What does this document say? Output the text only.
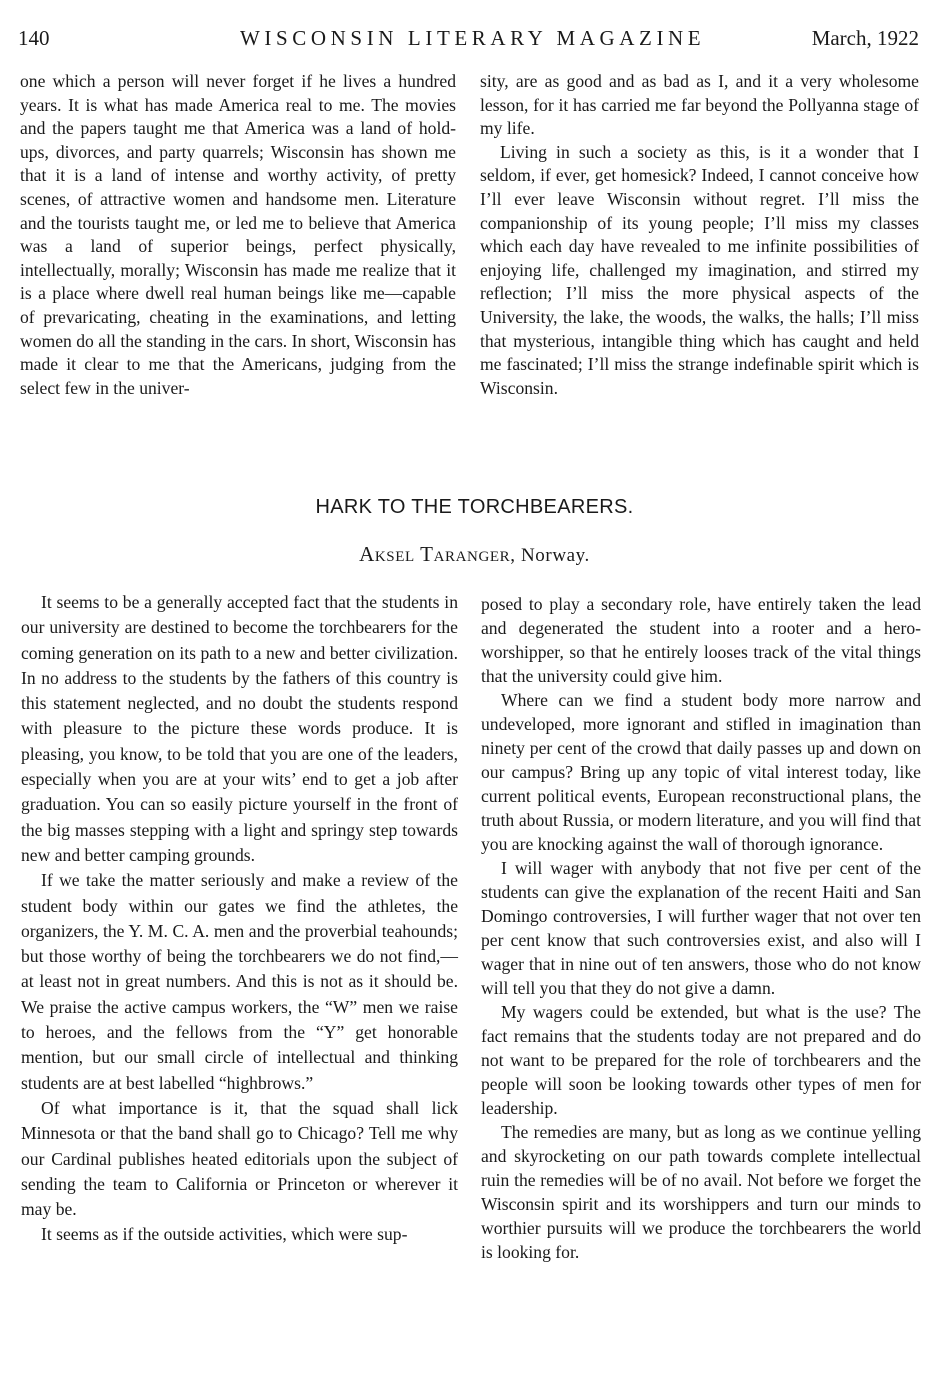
140	WISCONSIN LITERARY MAGAZINE	March, 1922

one which a person will never forget if he lives a hundred years. It is what has made America real to me. The movies and the papers taught me that America was a land of hold-ups, divorces, and party quarrels; Wisconsin has shown me that it is a land of intense and worthy activity, of pretty scenes, of attractive women and handsome men. Literature and the tourists taught me, or led me to believe that America was a land of superior beings, perfect physically, intellectually, morally; Wisconsin has made me realize that it is a place where dwell real human beings like me—capable of prevaricating, cheating in the examinations, and letting women do all the standing in the cars. In short, Wisconsin has made it clear to me that the Americans, judging from the select few in the univer-

sity, are as good and as bad as I, and it a very wholesome lesson, for it has carried me far beyond the Pollyanna stage of my life.

Living in such a society as this, is it a wonder that I seldom, if ever, get homesick? Indeed, I cannot conceive how I’ll ever leave Wisconsin without regret. I’ll miss the companionship of its young people; I’ll miss my classes which each day have revealed to me infinite possibilities of enjoying life, challenged my imagination, and stirred my reflection; I’ll miss the more physical aspects of the University, the lake, the woods, the walks, the halls; I’ll miss that mysterious, intangible thing which has caught and held me fascinated; I’ll miss the strange indefinable spirit which is Wisconsin.

HARK TO THE TORCHBEARERS.
AKSEL TARANGER, Norway.

It seems to be a generally accepted fact that the students in our university are destined to become the torchbearers for the coming generation on its path to a new and better civilization. In no address to the students by the fathers of this country is this statement neglected, and no doubt the students respond with pleasure to the picture these words produce. It is pleasing, you know, to be told that you are one of the leaders, especially when you are at your wits’ end to get a job after graduation. You can so easily picture yourself in the front of the big masses stepping with a light and springy step towards new and better camping grounds.

If we take the matter seriously and make a review of the student body within our gates we find the athletes, the organizers, the Y. M. C. A. men and the proverbial teahounds; but those worthy of being the torchbearers we do not find,—at least not in great numbers. And this is not as it should be. We praise the active campus workers, the “W” men we raise to heroes, and the fellows from the “Y” get honorable mention, but our small circle of intellectual and thinking students are at best labelled “highbrows.”

Of what importance is it, that the squad shall lick Minnesota or that the band shall go to Chicago? Tell me why our Cardinal publishes heated editorials upon the subject of sending the team to California or Princeton or wherever it may be.

It seems as if the outside activities, which were sup-

posed to play a secondary role, have entirely taken the lead and degenerated the student into a rooter and a hero-worshipper, so that he entirely looses track of the vital things that the university could give him.

Where can we find a student body more narrow and undeveloped, more ignorant and stifled in imagination than ninety per cent of the crowd that daily passes up and down on our campus? Bring up any topic of vital interest today, like current political events, European reconstructional plans, the truth about Russia, or modern literature, and you will find that you are knocking against the wall of thorough ignorance.

I will wager with anybody that not five per cent of the students can give the explanation of the recent Haiti and San Domingo controversies, I will further wager that not over ten per cent know that such controversies exist, and also will I wager that in nine out of ten answers, those who do not know will tell you that they do not give a damn.

My wagers could be extended, but what is the use? The fact remains that the students today are not prepared and do not want to be prepared for the role of torchbearers and the people will soon be looking towards other types of men for leadership.

The remedies are many, but as long as we continue yelling and skyrocketing on our path towards complete intellectual ruin the remedies will be of no avail. Not before we forget the Wisconsin spirit and its worshippers and turn our minds to worthier pursuits will we produce the torchbearers the world is looking for.
